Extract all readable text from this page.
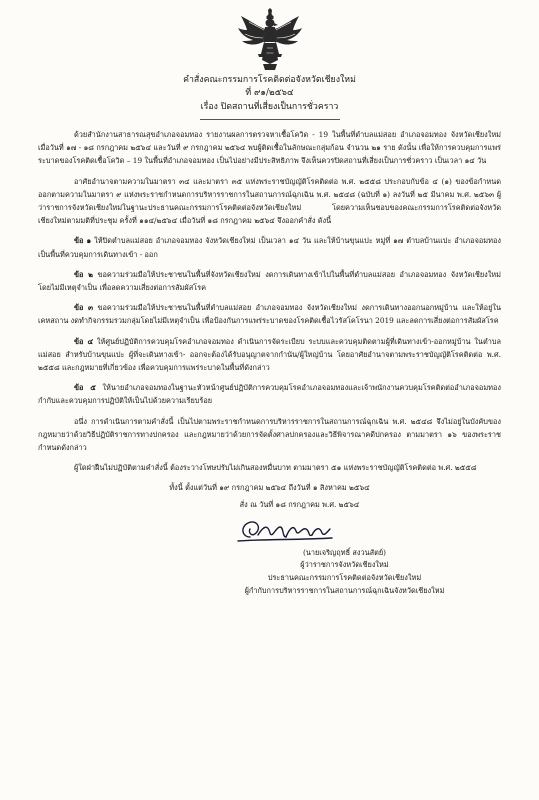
คำสั่งคณะกรรมการโรคติดต่อจังหวัดเชียงใหม่
ที่ ๙๑/๒๕๖๔
เรื่อง ปิดสถานที่เสี่ยงเป็นการชั่วคราว

ด้วยสำนักงานสาธารณสุขอำเภอจอมทอง รายงานผลการตรวจหาเชื้อโควิด - 19 ในพื้นที่ตำบลแม่สอย อำเภอจอมทอง จังหวัดเชียงใหม่ เมื่อวันที่ ๑๗ - ๑๘ กรกฎาคม ๒๕๖๔ และวันที่ ๙ กรกฎาคม ๒๕๖๔ พบผู้ติดเชื้อในลักษณะกลุ่มก้อน จำนวน ๒๑ ราย ดังนั้น เพื่อให้การควบคุมการแพร่ระบาดของโรคติดเชื้อโควิด – 19 ในพื้นที่อำเภอจอมทอง เป็นไปอย่างมีประสิทธิภาพ จึงเห็นควรปิดสถานที่เสี่ยงเป็นการชั่วคราว เป็นเวลา ๑๔ วัน

อาศัยอำนาจตามความในมาตรา ๓๔ และมาตรา ๓๕ แห่งพระราชบัญญัติโรคติดต่อ พ.ศ. ๒๕๕๘ ประกอบกับข้อ ๔ (๑) ของข้อกำหนดออกตามความในมาตรา ๙ แห่งพระราชกำหนดการบริหารราชการในสถานการณ์ฉุกเฉิน พ.ศ. ๒๕๔๘ (ฉบับที่ ๑) ลงวันที่ ๒๕ มีนาคม พ.ศ. ๒๕๖๓ ผู้ว่าราชการจังหวัดเชียงใหม่ในฐานะประธานคณะกรรมการโรคติดต่อจังหวัดเชียงใหม่ โดยความเห็นชอบของคณะกรรมการโรคติดต่อจังหวัดเชียงใหม่ตามมติที่ประชุม ครั้งที่ ๑๑๔/๒๕๖๔ เมื่อวันที่ ๑๘ กรกฎาคม ๒๕๖๔ จึงออกคำสั่ง ดังนี้

ข้อ ๑ ให้ปิดตำบลแม่สอย อำเภอจอมทอง จังหวัดเชียงใหม่ เป็นเวลา ๑๔ วัน และให้บ้านขุนแปะ หมู่ที่ ๑๗ ตำบลบ้านแปะ อำเภอจอมทอง เป็นพื้นที่ควบคุมการเดินทางเข้า - ออก

ข้อ ๒ ขอความร่วมมือให้ประชาชนในพื้นที่จังหวัดเชียงใหม่ งดการเดินทางเข้าไปในพื้นที่ตำบลแม่สอย อำเภอจอมทอง จังหวัดเชียงใหม่ โดยไม่มีเหตุจำเป็น เพื่อลดความเสี่ยงต่อการสัมผัสโรค

ข้อ ๓ ขอความร่วมมือให้ประชาชนในพื้นที่ตำบลแม่สอย อำเภอจอมทอง จังหวัดเชียงใหม่ งดการเดินทางออกนอกหมู่บ้าน และให้อยู่ในเคหสถาน งดทำกิจกรรมรวมกลุ่มโดยไม่มีเหตุจำเป็น เพื่อป้องกันการแพร่ระบาดของโรคติดเชื้อไวรัสโคโรนา 2019 และลดการเสี่ยงต่อการสัมผัสโรค

ข้อ ๔ ให้ศูนย์ปฏิบัติการควบคุมโรคอำเภอจอมทอง ดำเนินการจัดระเบียบ ระบบและควบคุมติดตามผู้ที่เดินทางเข้า-ออกหมู่บ้าน ในตำบลแม่สอย สำหรับบ้านขุนแปะ ผู้ที่จะเดินทางเข้า- ออกจะต้องได้รับอนุญาตจากกำนัน/ผู้ใหญ่บ้าน โดยอาศัยอำนาจตามพระราชบัญญัติโรคติดต่อ พ.ศ. ๒๕๕๘ และกฎหมายที่เกี่ยวข้อง เพื่อควบคุมการแพร่ระบาดในพื้นที่ดังกล่าว

ข้อ ๕ ให้นายอำเภอจอมทองในฐานะหัวหน้าศูนย์ปฏิบัติการควบคุมโรคอำเภอจอมทองและเจ้าพนักงานควบคุมโรคติดต่ออำเภอจอมทอง กำกับและควบคุมการปฏิบัติให้เป็นไปด้วยความเรียบร้อย

อนึ่ง การดำเนินการตามคำสั่งนี้ เป็นไปตามพระราชกำหนดการบริหารราชการในสถานการณ์ฉุกเฉิน พ.ศ. ๒๕๔๘ จึงไม่อยู่ในบังคับของกฎหมายว่าด้วยวิธีปฏิบัติราชการทางปกครอง และกฎหมายว่าด้วยการจัดตั้งศาลปกครองและวิธีพิจารณาคดีปกครอง ตามมาตรา ๑๖ ของพระราชกำหนดดังกล่าว

ผู้ใดฝ่าฝืนไม่ปฏิบัติตามคำสั่งนี้ ต้องระวางโทษปรับไม่เกินสองหมื่นบาท ตามมาตรา ๕๑ แห่งพระราชบัญญัติโรคติดต่อ พ.ศ. ๒๕๕๘

ทั้งนี้ ตั้งแต่วันที่ ๑๙ กรกฎาคม ๒๕๖๔ ถึงวันที่ ๑ สิงหาคม ๒๕๖๔
สั่ง ณ วันที่ ๑๘ กรกฎาคม พ.ศ. ๒๕๖๔
(นายเจริญฤทธิ์ สงวนสัตย์)
ผู้ว่าราชการจังหวัดเชียงใหม่
ประธานคณะกรรมการโรคติดต่อจังหวัดเชียงใหม่
ผู้กำกับการบริหารราชการในสถานการณ์ฉุกเฉินจังหวัดเชียงใหม่
